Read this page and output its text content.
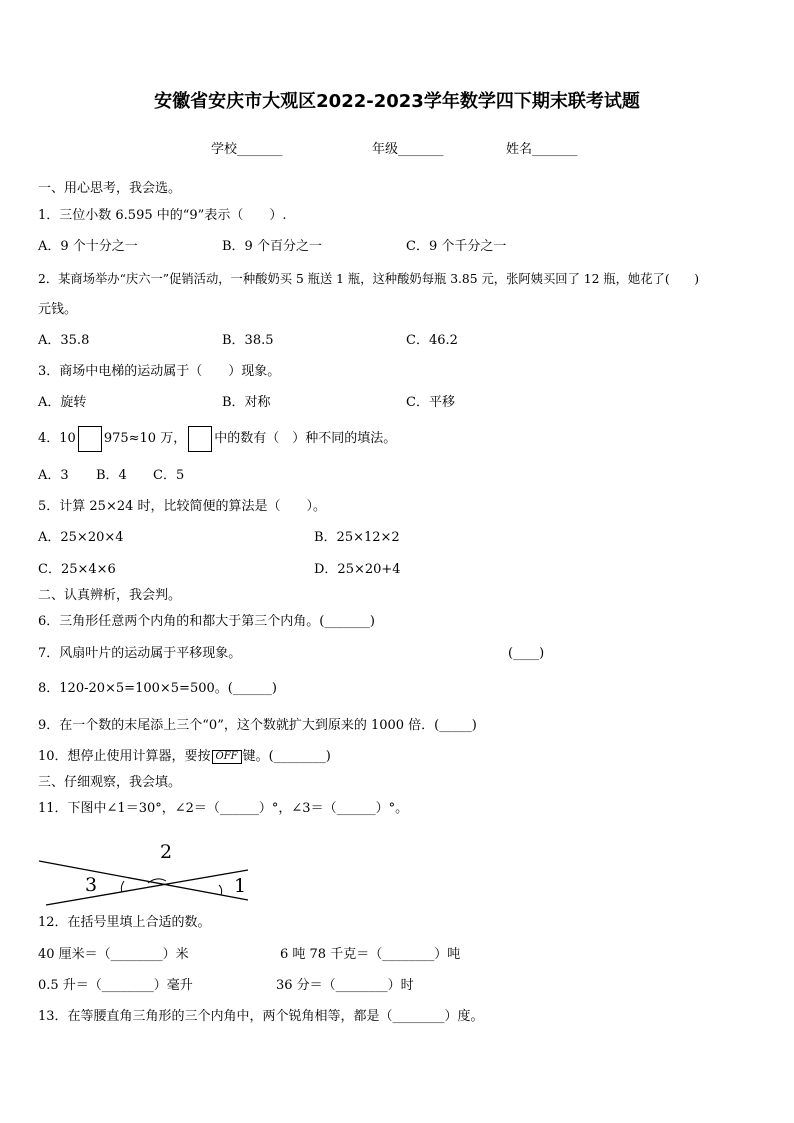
安徽省安庆市大观区2022-2023学年数学四下期末联考试题
学校_______	年级_______	姓名_______
一、用心思考，我会选。
1．三位小数 6.595 中的“9”表示（　　）.
A．9 个十分之一	B．9 个百分之一	C．9 个千分之一
2．某商场举办“庆六一”促销活动，一种酸奶买 5 瓶送 1 瓶，这种酸奶每瓶 3.85 元，张阿姨买回了 12 瓶，她花了(　　)
元钱。
A．35.8	B．38.5	C．46.2
3．商场中电梯的运动属于（　　）现象。
A．旋转	B．对称	C．平移
4．10 975≈10 万， 中的数有（　）种不同的填法。
A．3 B．4 C．5
5．计算 25×24 时，比较简便的算法是（　　）。
A．25×20×4	B．25×12×2
C．25×4×6	D．25×20+4
二、认真辨析，我会判。
6．三角形任意两个内角的和都大于第三个内角。(_______)
7．风扇叶片的运动属于平移现象。	(____)
8．120-20×5=100×5=500。(______)
9．在一个数的末尾添上三个“0”，这个数就扩大到原来的 1000 倍．(_____)
10．想停止使用计算器，要按 OFF 键。(________)
三、仔细观察，我会填。
11．下图中∠1＝30°，∠2＝（______）°，∠3＝（______）°。
2
3	1
12．在括号里填上合适的数。
40 厘米＝（________）米	6 吨 78 千克＝（________）吨
0.5 升＝（________）毫升	36 分＝（________）时
13．在等腰直角三角形的三个内角中，两个锐角相等，都是（________）度。
